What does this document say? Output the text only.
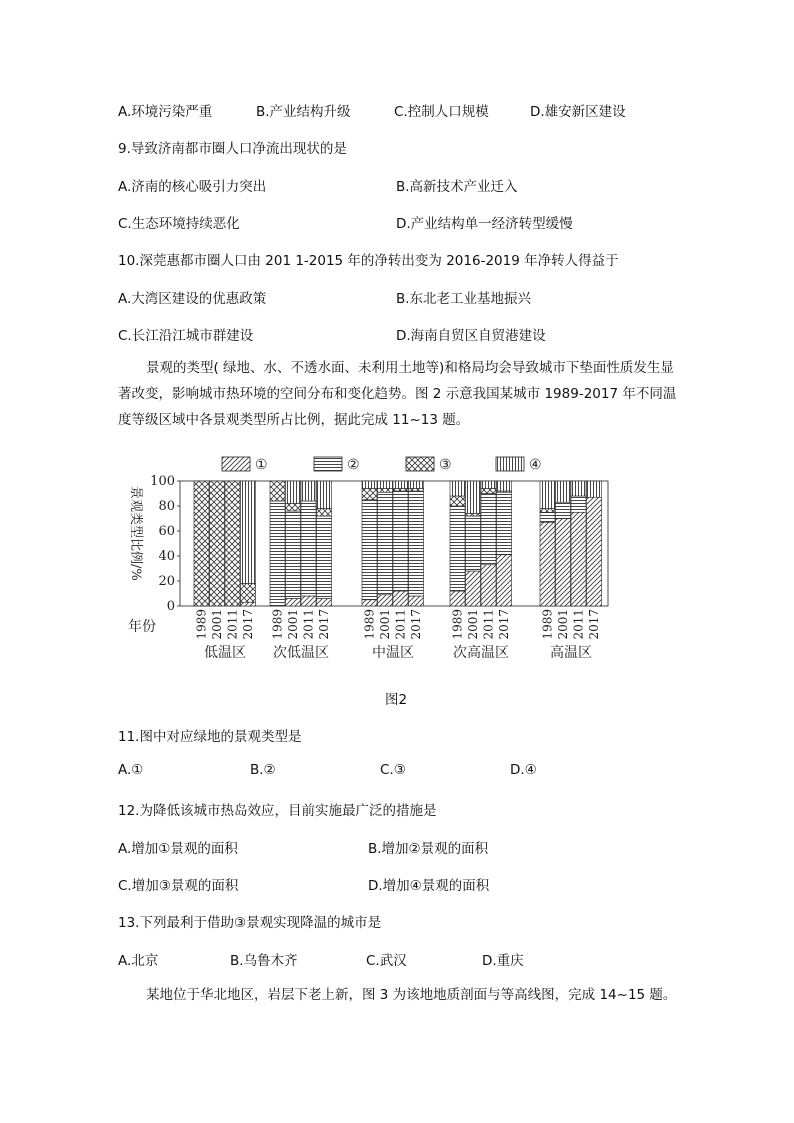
A.环境污染严重	B.产业结构升级	C.控制人口规模	D.雄安新区建设
9.导致济南都市圈人口净流出现状的是
A.济南的核心吸引力突出	B.高新技术产业迁入
C.生态环境持续恶化	D.产业结构单一经济转型缓慢
10.深莞惠都市圈人口由 201 1-2015 年的净转出变为 2016-2019 年净转人得益于
A.大湾区建设的优惠政策	B.东北老工业基地振兴
C.长江沿江城市群建设	D.海南自贸区自贸港建设
景观的类型( 绿地、水、不透水面、未利用土地等)和格局均会导致城市下垫面性质发生显著改变，影响城市热环境的空间分布和变化趋势。图 2 示意我国某城市 1989-2017 年不同温度等级区域中各景观类型所占比例，据此完成 11~13 题。
①	②	③	④
0
20
40
60
80
100
景观类型比例/%
1989 2001 2011 2017
低温区
1989 2001 2011 2017
次低温区
1989 2001 2011 2017
中温区
1989 2001 2011 2017
次高温区
1989 2001 2011 2017
高温区
年份
图2
11.图中对应绿地的景观类型是
A.①	B.②	C.③	D.④
12.为降低该城市热岛效应，目前实施最广泛的措施是
A.增加①景观的面积	B.增加②景观的面积
C.增加③景观的面积	D.增加④景观的面积
13.下列最利于借助③景观实现降温的城市是
A.北京	B.乌鲁木齐	C.武汉	D.重庆
某地位于华北地区，岩层下老上新，图 3 为该地地质剖面与等高线图，完成 14~15 题。
